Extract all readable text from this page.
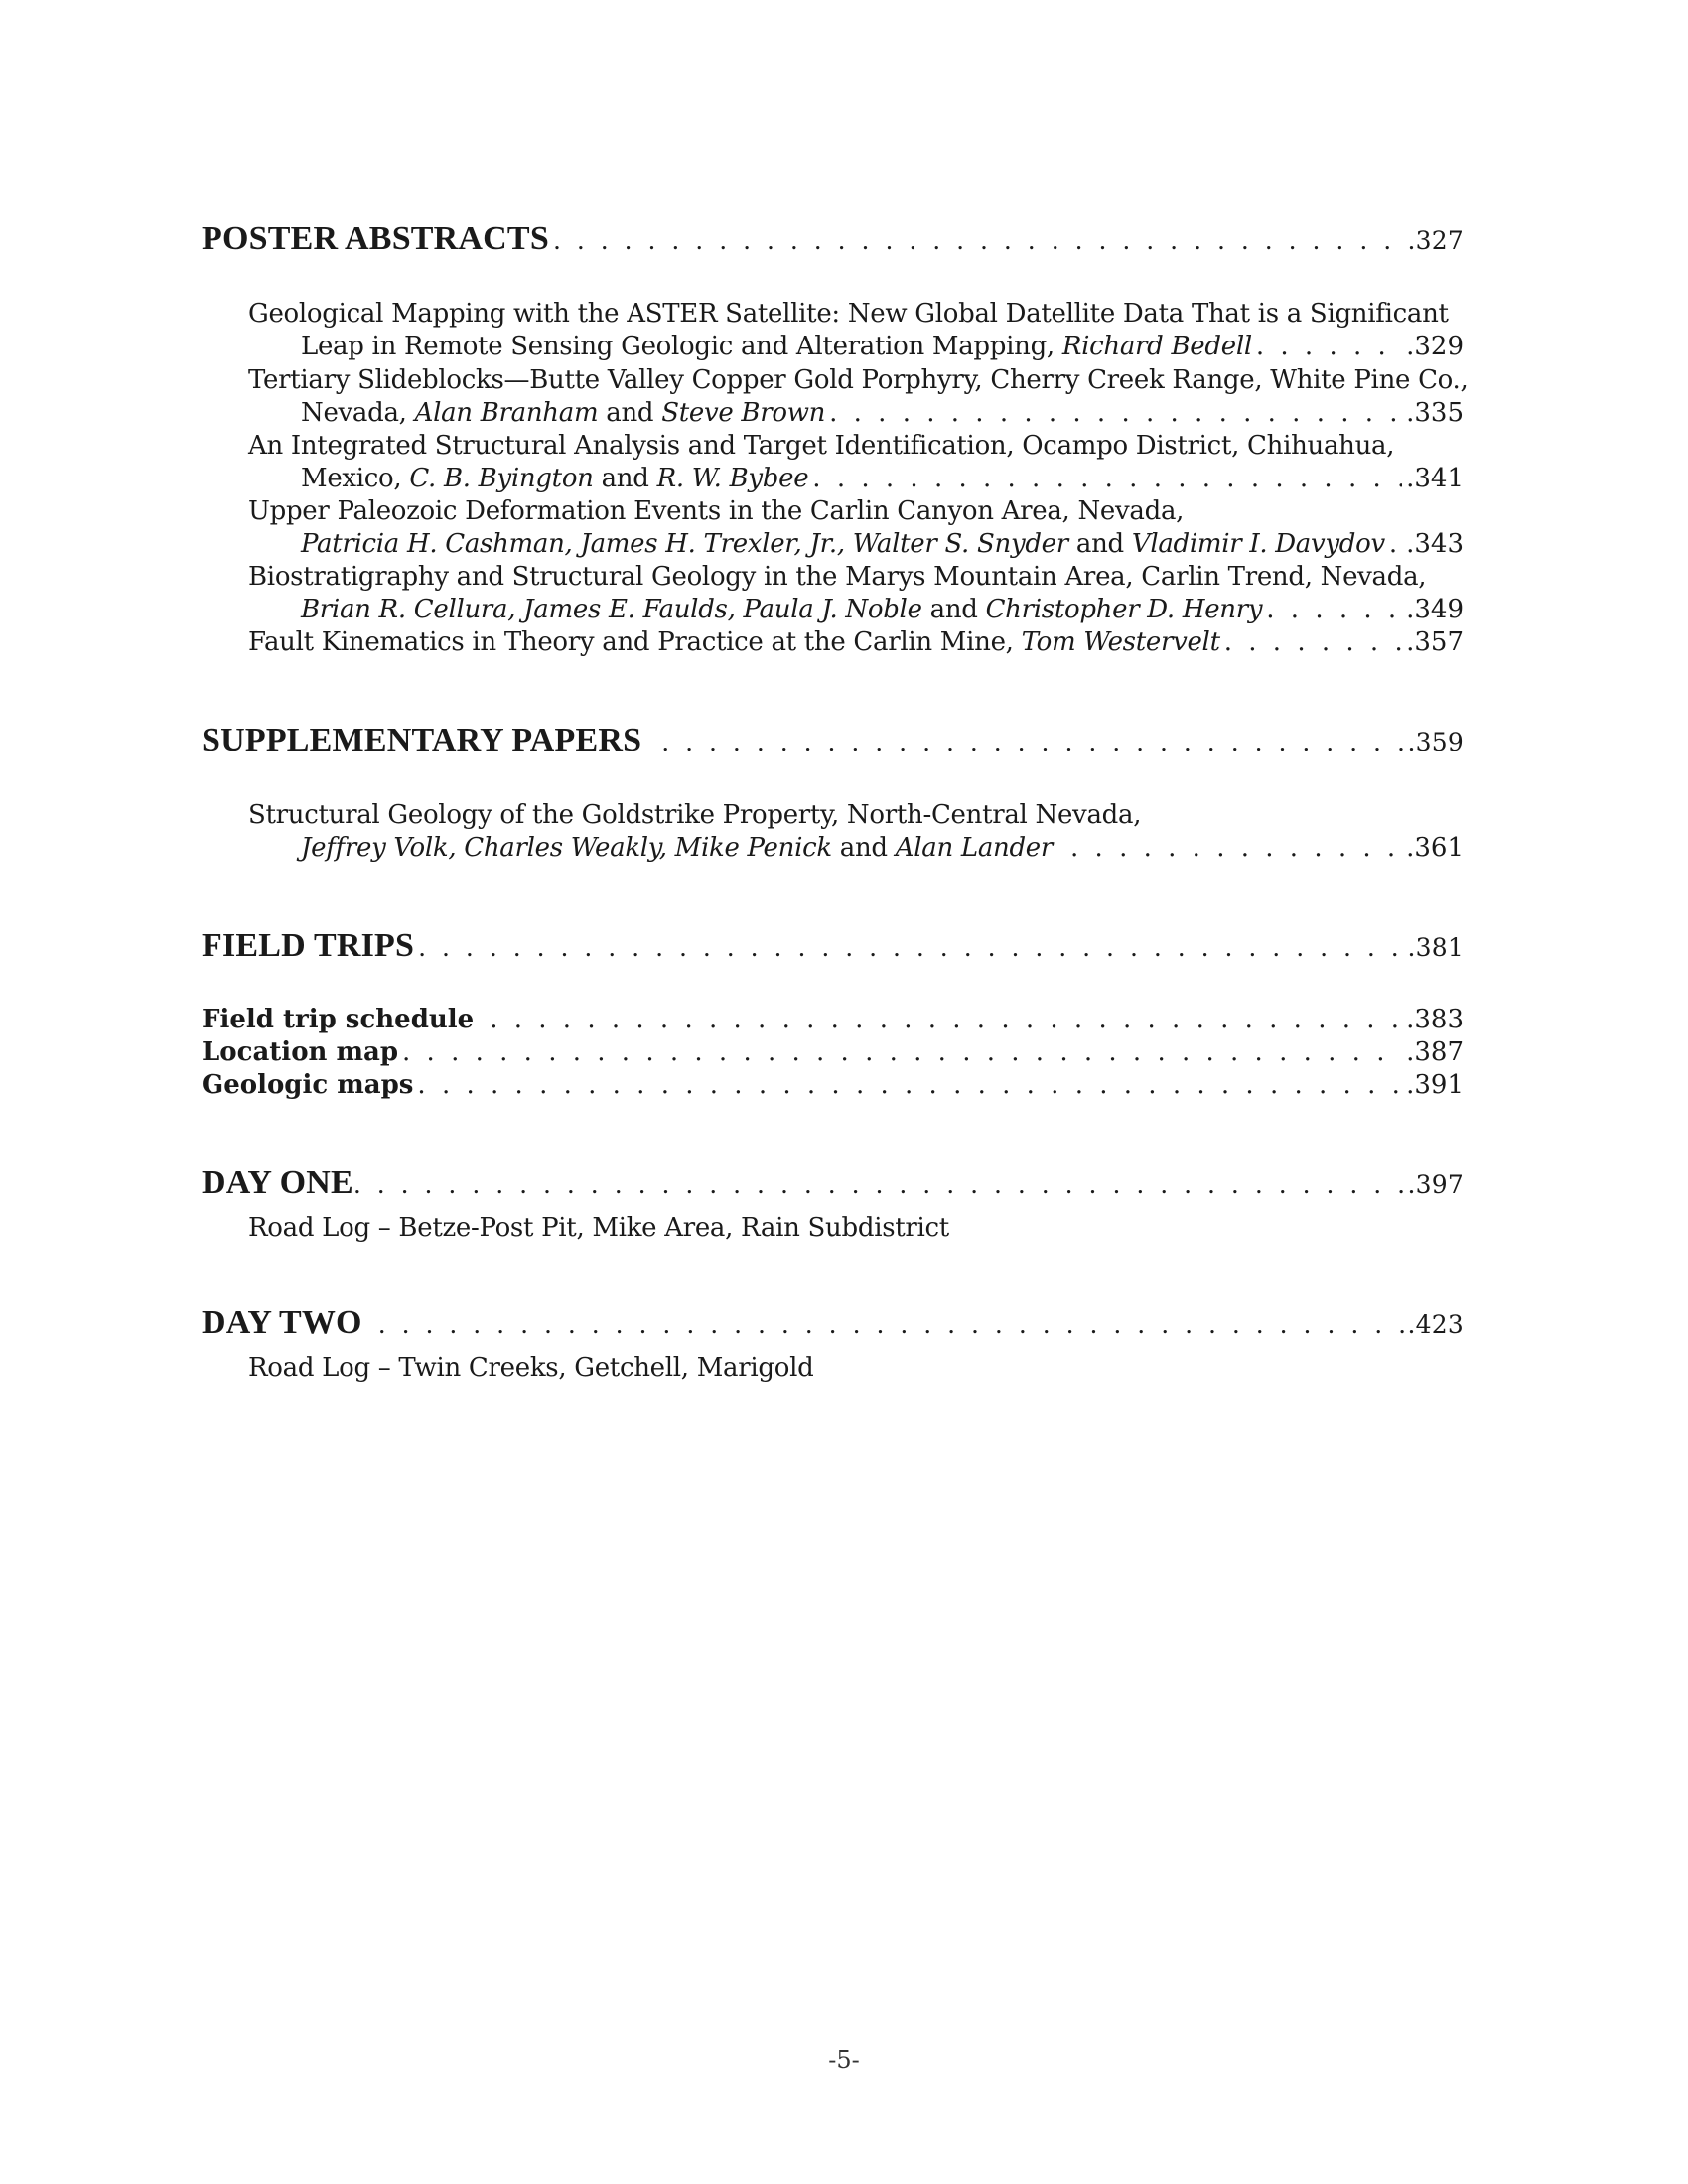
POSTER ABSTRACTS . . .	.327
Geological Mapping with the ASTER Satellite: New Global Datellite Data That is a Significant
Leap in Remote Sensing Geologic and Alteration Mapping, Richard Bedell . . .	.329
Tertiary Slideblocks—Butte Valley Copper Gold Porphyry, Cherry Creek Range, White Pine Co.,
Nevada, Alan Branham and Steve Brown . . .	.335
An Integrated Structural Analysis and Target Identification, Ocampo District, Chihuahua,
Mexico, C. B. Byington and R. W. Bybee . . .	.341
Upper Paleozoic Deformation Events in the Carlin Canyon Area, Nevada,
Patricia H. Cashman, James H. Trexler, Jr., Walter S. Snyder and Vladimir I. Davydov . . . .343
Biostratigraphy and Structural Geology in the Marys Mountain Area, Carlin Trend, Nevada,
Brian R. Cellura, James E. Faulds, Paula J. Noble and Christopher D. Henry . . .	.349
Fault Kinematics in Theory and Practice at the Carlin Mine, Tom Westervelt . . .	.357
SUPPLEMENTARY PAPERS . . .	.359
Structural Geology of the Goldstrike Property, North-Central Nevada,
Jeffrey Volk, Charles Weakly, Mike Penick and Alan Lander . . .	.361
FIELD TRIPS . . .	.381
Field trip schedule . . .	.383
Location map . . .	.387
Geologic maps . . .	.391
DAY ONE . . .	.397
Road Log – Betze-Post Pit, Mike Area, Rain Subdistrict
DAY TWO . . .	.423
Road Log – Twin Creeks, Getchell, Marigold
-5-
